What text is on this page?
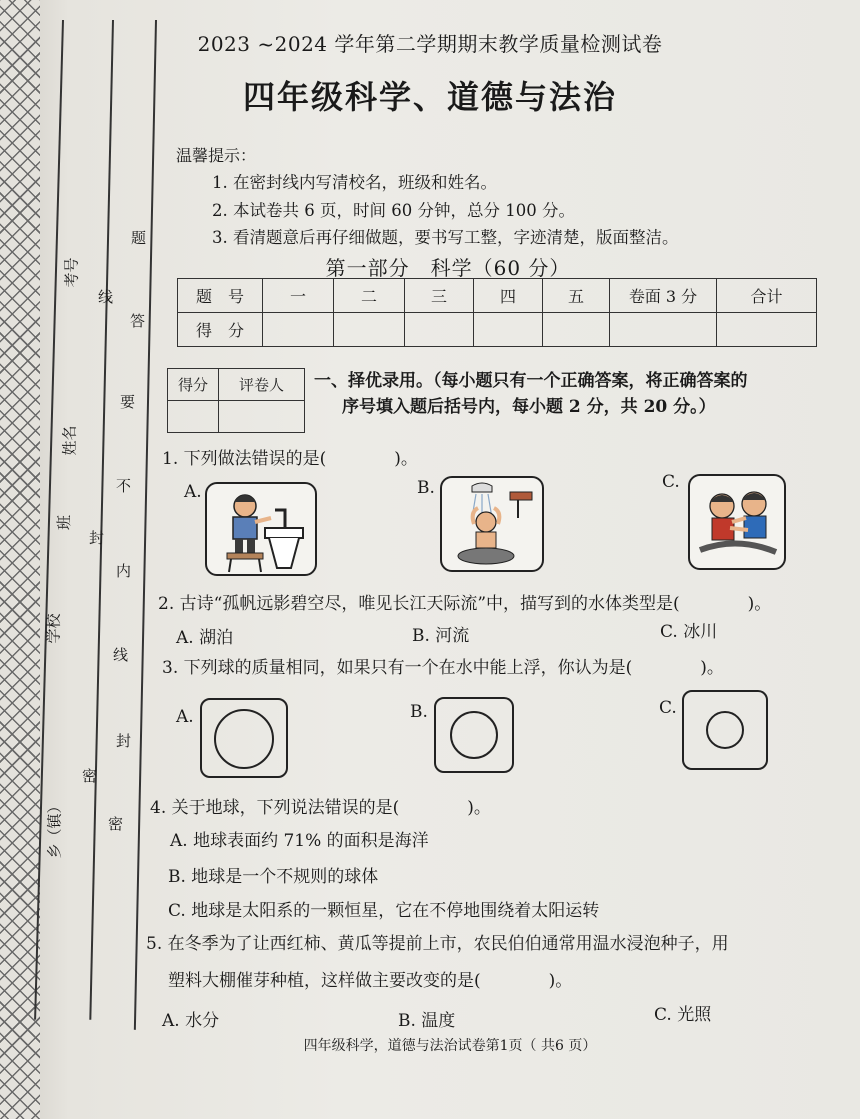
考号
姓名
班
学校
乡（镇）
题
线
答
要
不
封
内
线
封
密
密
2023 ~2024 学年第二学期期末教学质量检测试卷
四年级科学、道德与法治
温馨提示：
1. 在密封线内写清校名，班级和姓名。
2. 本试卷共 6 页，时间 60 分钟，总分 100 分。
3. 看清题意后再仔细做题，要书写工整，字迹清楚，版面整洁。
第一部分　科学（60 分）
题　号	一	二	三	四	五	卷面 3 分	合计
得　分							
得分	评卷人
	一、择优录用。（每小题只有一个正确答案，将正确答案的
序号填入题后括号内，每小题 2 分，共 20 分。）
1. 下列做法错误的是(　　　　)。
A.	B.	C.
2. 古诗“孤帆远影碧空尽，唯见长江天际流”中，描写到的水体类型是(　　　　)。
A. 湖泊	B. 河流	C. 冰川
3. 下列球的质量相同，如果只有一个在水中能上浮，你认为是(　　　　)。
A.	B.	C.
4. 关于地球，下列说法错误的是(　　　　)。
A. 地球表面约 71% 的面积是海洋
B. 地球是一个不规则的球体
C. 地球是太阳系的一颗恒星，它在不停地围绕着太阳运转
5. 在冬季为了让西红柿、黄瓜等提前上市，农民伯伯通常用温水浸泡种子，用
塑料大棚催芽种植，这样做主要改变的是(　　　　)。
A. 水分	B. 温度	C. 光照
四年级科学，道德与法治试卷第1页（ 共6 页）
